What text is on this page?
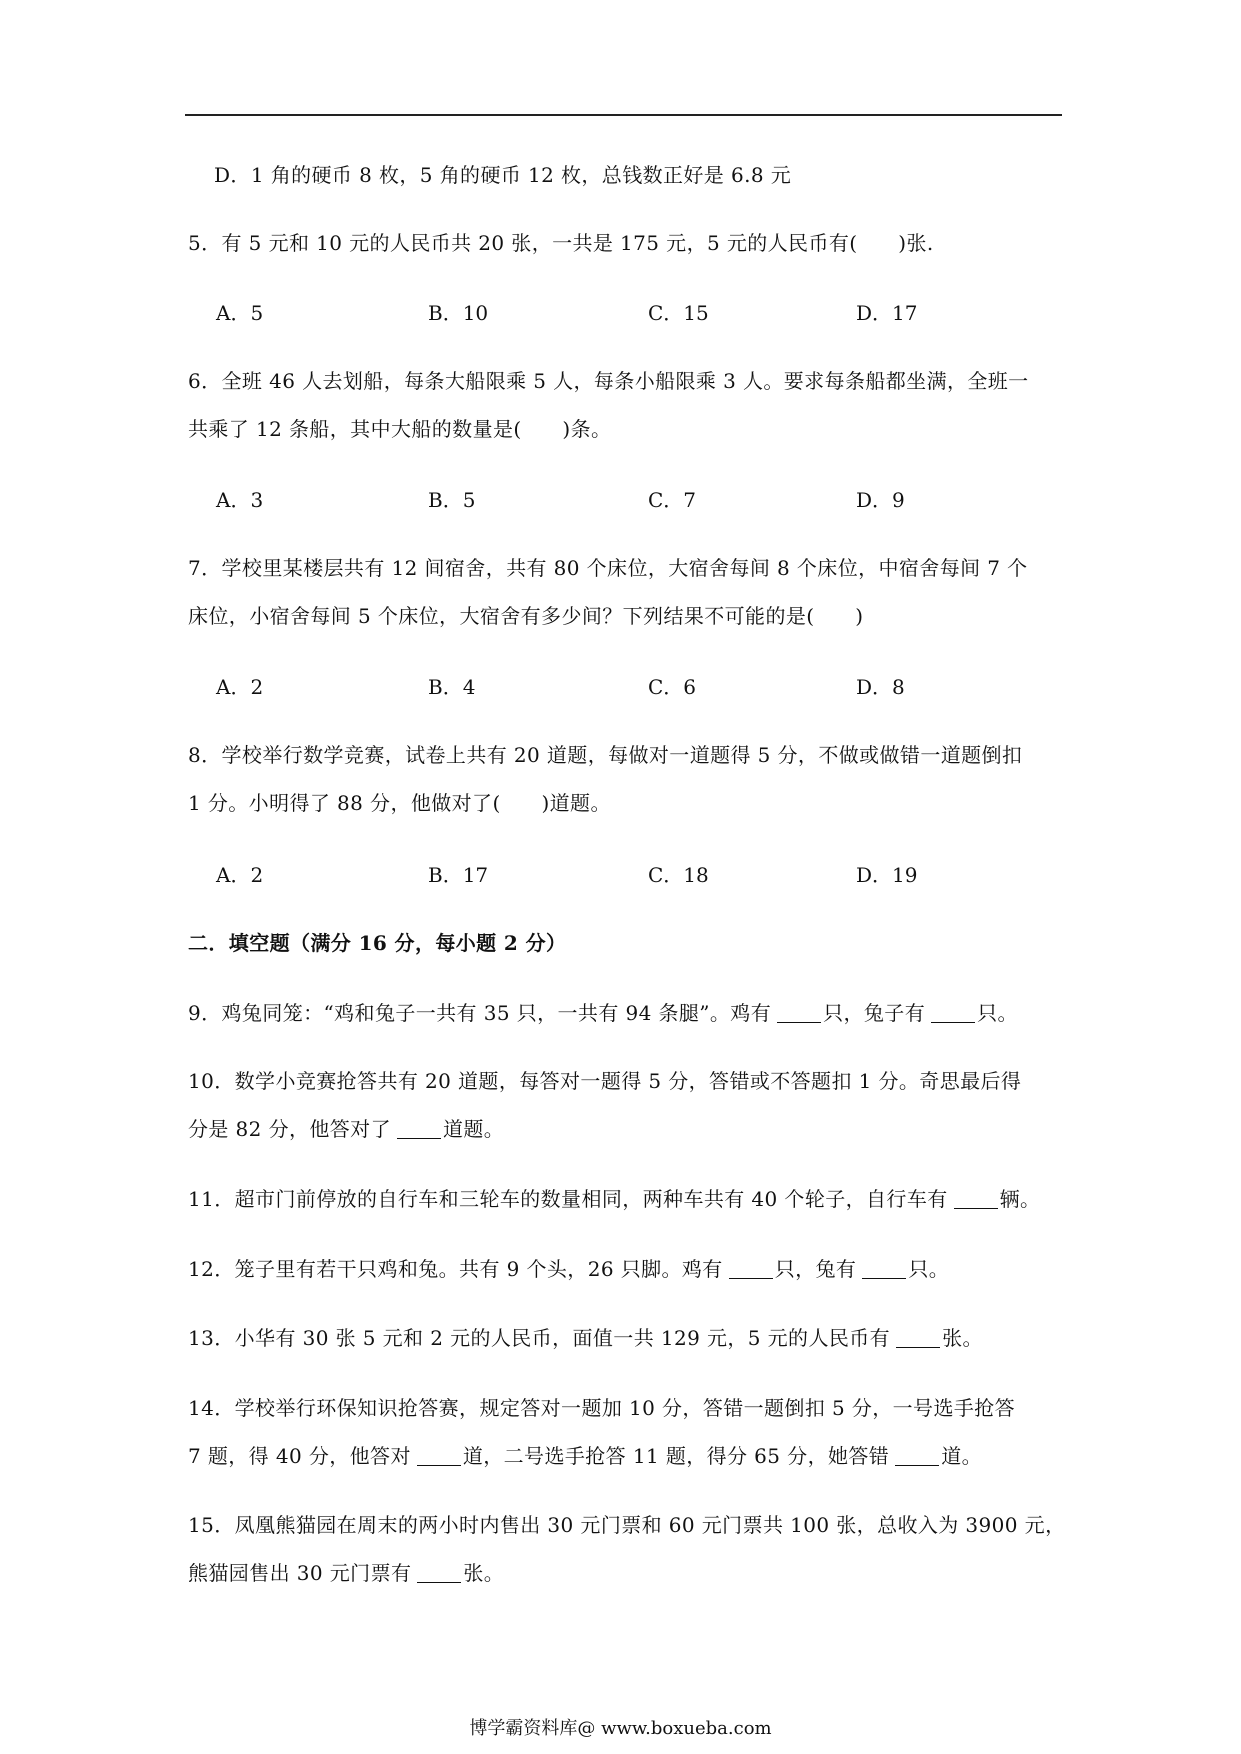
D．1 角的硬币 8 枚，5 角的硬币 12 枚，总钱数正好是 6.8 元
5．有 5 元和 10 元的人民币共 20 张，一共是 175 元，5 元的人民币有(　　)张.
A．5	B．10	C．15	D．17
6．全班 46 人去划船，每条大船限乘 5 人，每条小船限乘 3 人。要求每条船都坐满，全班一
共乘了 12 条船，其中大船的数量是(　　)条。
A．3	B．5	C．7	D．9
7．学校里某楼层共有 12 间宿舍，共有 80 个床位，大宿舍每间 8 个床位，中宿舍每间 7 个
床位，小宿舍每间 5 个床位，大宿舍有多少间？下列结果不可能的是(　　)
A．2	B．4	C．6	D．8
8．学校举行数学竞赛，试卷上共有 20 道题，每做对一道题得 5 分，不做或做错一道题倒扣
1 分。小明得了 88 分，他做对了(　　)道题。
A．2	B．17	C．18	D．19
二．填空题（满分 16 分，每小题 2 分）
9．鸡兔同笼：“鸡和兔子一共有 35 只，一共有 94 条腿”。鸡有	只，兔子有	只。
10．数学小竞赛抢答共有 20 道题，每答对一题得 5 分，答错或不答题扣 1 分。奇思最后得
分是 82 分，他答对了	道题。
11．超市门前停放的自行车和三轮车的数量相同，两种车共有 40 个轮子，自行车有	辆。
12．笼子里有若干只鸡和兔。共有 9 个头，26 只脚。鸡有	只，兔有	只。
13．小华有 30 张 5 元和 2 元的人民币，面值一共 129 元，5 元的人民币有	张。
14．学校举行环保知识抢答赛，规定答对一题加 10 分，答错一题倒扣 5 分，一号选手抢答
7 题，得 40 分，他答对	道，二号选手抢答 11 题，得分 65 分，她答错	道。
15．凤凰熊猫园在周末的两小时内售出 30 元门票和 60 元门票共 100 张，总收入为 3900 元，
熊猫园售出 30 元门票有	张。
博学霸资料库@ www.boxueba.com
